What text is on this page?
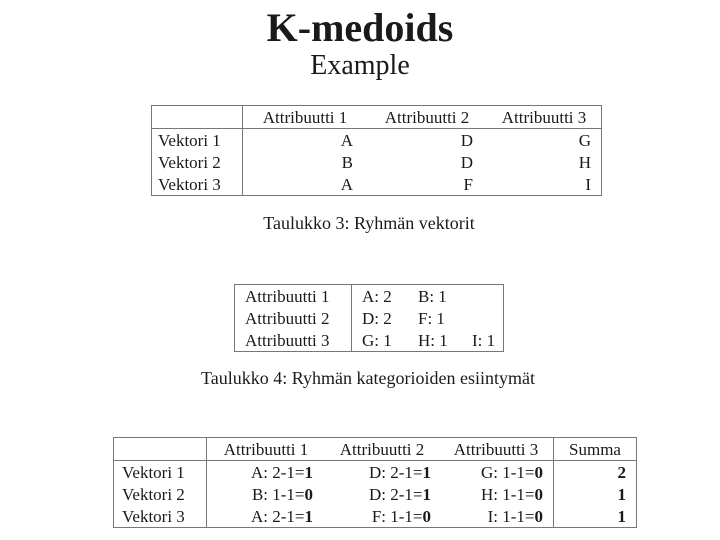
K-medoids
Example
	Attribuutti 1	Attribuutti 2	Attribuutti 3
Vektori 1	A	D	G
Vektori 2	B	D	H
Vektori 3	A	F	I
Taulukko 3: Ryhmän vektorit
Attribuutti 1	A: 2 B: 1
Attribuutti 2	D: 2 F: 1
Attribuutti 3	G: 1 H: 1 I: 1
Taulukko 4: Ryhmän kategorioiden esiintymät
	Attribuutti 1	Attribuutti 2	Attribuutti 3	Summa
Vektori 1	A: 2-1=1	D: 2-1=1	G: 1-1=0	2
Vektori 2	B: 1-1=0	D: 2-1=1	H: 1-1=0	1
Vektori 3	A: 2-1=1	F: 1-1=0	I: 1-1=0	1
